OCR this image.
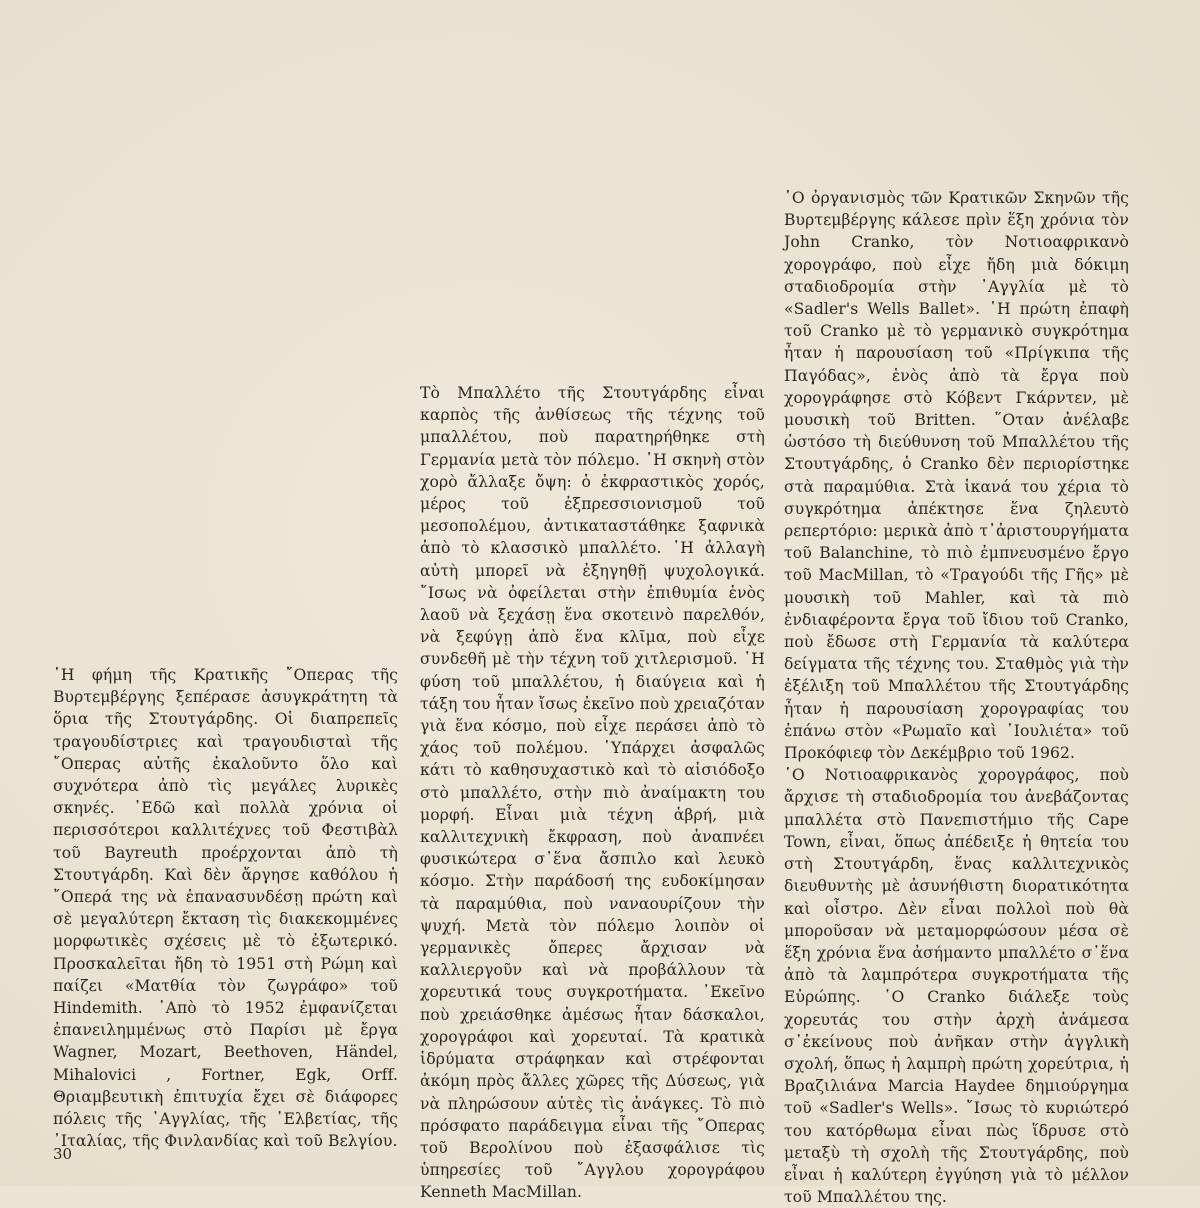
῾Η φήμη τῆς Κρατικῆς ῎Οπερας τῆς Βυρτεμβέργης ξεπέρασε ἀσυγκράτητη τὰ ὅρια τῆς Στουτγάρδης. Οἱ διαπρεπεῖς τραγουδίστριες καὶ τραγουδισταὶ τῆς ῎Οπερας αὐτῆς ἐκαλοῦντο ὅλο καὶ συχνότερα ἀπὸ τὶς μεγάλες λυρικὲς σκηνές. ᾿Εδῶ καὶ πολλὰ χρόνια οἱ περισσότεροι καλλιτέχνες τοῦ Φεστιβὰλ τοῦ Bayreuth προέρχονται ἀπὸ τὴ Στουτγάρδη. Καὶ δὲν ἄργησε καθόλου ἡ ῎Οπερά της νὰ ἐπανασυνδέσῃ πρώτη καὶ σὲ μεγαλύτερη ἔκταση τὶς διακεκομμένες μορφωτικὲς σχέσεις μὲ τὸ ἐξωτερικό. Προσκαλεῖται ἤδη τὸ 1951 στὴ Ρώμη καὶ παίζει «Ματθία τὸν ζωγράφο» τοῦ Hindemith. ᾿Απὸ τὸ 1952 ἐμφανίζεται ἐπανειλημμένως στὸ Παρίσι μὲ ἔργα Wagner, Mozart, Beethoven, Händel, Mihalovici , Fortner, Egk, Orff. Θριαμβευτικὴ ἐπιτυχία ἔχει σὲ διάφορες πόλεις τῆς ᾿Αγγλίας, τῆς ᾿Ελβετίας, τῆς ᾿Ιταλίας, τῆς Φινλανδίας καὶ τοῦ Βελγίου.

Τὸ Μπαλλέτο τῆς Στουτγάρδης εἶναι καρπὸς τῆς ἀνθίσεως τῆς τέχνης τοῦ μπαλλέτου, ποὺ παρατηρήθηκε στὴ Γερμανία μετὰ τὸν πόλεμο. ῾Η σκηνὴ στὸν χορὸ ἄλλαξε ὄψη: ὁ ἐκφραστικὸς χορός, μέρος τοῦ ἐξπρεσσιονισμοῦ τοῦ μεσοπολέμου, ἀντικαταστάθηκε ξαφνικὰ ἀπὸ τὸ κλασσικὸ μπαλλέτο. ῾Η ἀλλαγὴ αὐτὴ μπορεῖ νὰ ἐξηγηθῇ ψυχολογικά. ῎Ισως νὰ ὀφείλεται στὴν ἐπιθυμία ἑνὸς λαοῦ νὰ ξεχάσῃ ἕνα σκοτεινὸ παρελθόν, νὰ ξεφύγῃ ἀπὸ ἕνα κλῖμα, ποὺ εἶχε συνδεθῆ μὲ τὴν τέχνη τοῦ χιτλερισμοῦ. ῾Η φύση τοῦ μπαλλέτου, ἡ διαύγεια καὶ ἡ τάξη του ἦταν ἴσως ἐκεῖνο ποὺ χρειαζόταν γιὰ ἕνα κόσμο, ποὺ εἶχε περάσει ἀπὸ τὸ χάος τοῦ πολέμου. ῾Υπάρχει ἀσφαλῶς κάτι τὸ καθησυχαστικὸ καὶ τὸ αἰσιόδοξο στὸ μπαλλέτο, στὴν πιὸ ἀναίμακτη του μορφή. Εἶναι μιὰ τέχνη ἁβρή, μιὰ καλλιτεχνικὴ ἔκφραση, ποὺ ἀναπνέει φυσικώτερα σ᾿ἕνα ἄσπιλο καὶ λευκὸ κόσμο. Στὴν παράδοσή της ευδοκίμησαν τὰ παραμύθια, ποὺ ναναουρίζουν τὴν ψυχή. Μετὰ τὸν πόλεμο λοιπὸν οἱ γερμανικὲς ὄπερες ἄρχισαν νὰ καλλιεργοῦν καὶ νὰ προβάλλουν τὰ χορευτικά τους συγκροτήματα. ᾿Εκεῖνο ποὺ χρειάσθηκε ἀμέσως ἦταν δάσκαλοι, χορογράφοι καὶ χορευταί. Τὰ κρατικὰ ἱδρύματα στράφηκαν καὶ στρέφονται ἀκόμη πρὸς ἄλλες χῶρες τῆς Δύσεως, γιὰ νὰ πληρώσουν αὐτὲς τὶς ἀνάγκες. Τὸ πιὸ πρόσφατο παράδειγμα εἶναι τῆς ῎Οπερας τοῦ Βερολίνου ποὺ ἐξασφάλισε τὶς ὑπηρεσίες τοῦ ῎Αγγλου χορογράφου Kenneth MacMillan.

῾Ο ὀργανισμὸς τῶν Κρατικῶν Σκηνῶν τῆς Βυρτεμβέργης κάλεσε πρὶν ἕξη χρόνια τὸν John Cranko, τὸν Νοτιοαφρικανὸ χορογράφο, ποὺ εἶχε ἤδη μιὰ δόκιμη σταδιοδρομία στὴν ᾿Αγγλία μὲ τὸ «Sadler's Wells Ballet». ῾Η πρώτη ἐπαφὴ τοῦ Cranko μὲ τὸ γερμανικὸ συγκρότημα ἦταν ἡ παρουσίαση τοῦ «Πρίγκιπα τῆς Παγόδας», ἑνὸς ἀπὸ τὰ ἔργα ποὺ χορογράφησε στὸ Κόβεντ Γκάρντεν, μὲ μουσικὴ τοῦ Britten. ῞Οταν ἀνέλαβε ὡστόσο τὴ διεύθυνση τοῦ Μπαλλέτου τῆς Στουτγάρδης, ὁ Cranko δὲν περιορίστηκε στὰ παραμύθια. Στὰ ἱκανά του χέρια τὸ συγκρότημα ἀπέκτησε ἕνα ζηλευτὸ ρεπερτόριο: μερικὰ ἀπὸ τ᾿ἀριστουργήματα τοῦ Balanchine, τὸ πιὸ ἐμπνευσμένο ἔργο τοῦ MacMillan, τὸ «Τραγούδι τῆς Γῆς» μὲ μουσικὴ τοῦ Mahler, καὶ τὰ πιὸ ἐνδιαφέροντα ἔργα τοῦ ἴδιου τοῦ Cranko, ποὺ ἔδωσε στὴ Γερμανία τὰ καλύτερα δείγματα τῆς τέχνης του. Σταθμὸς γιὰ τὴν ἐξέλιξη τοῦ Μπαλλέτου τῆς Στουτγάρδης ἦταν ἡ παρουσίαση χορογραφίας του ἐπάνω στὸν «Ρωμαῖο καὶ ᾿Ιουλιέτα» τοῦ Προκόφιεφ τὸν Δεκέμβριο τοῦ 1962.

῾Ο Νοτιοαφρικανὸς χορογράφος, ποὺ ἄρχισε τὴ σταδιοδρομία του ἀνεβάζοντας μπαλλέτα στὸ Πανεπιστήμιο τῆς Cape Town, εἶναι, ὅπως ἀπέδειξε ἡ θητεία του στὴ Στουτγάρδη, ἕνας καλλιτεχνικὸς διευθυντὴς μὲ ἀσυνήθιστη διορατικότητα καὶ οἶστρο. Δὲν εἶναι πολλοὶ ποὺ θὰ μποροῦσαν νὰ μεταμορφώσουν μέσα σὲ ἕξη χρόνια ἕνα ἀσήμαντο μπαλλέτο σ᾿ἕνα ἀπὸ τὰ λαμπρότερα συγκροτήματα τῆς Εὐρώπης. ῾Ο Cranko διάλεξε τοὺς χορευτάς του στὴν ἀρχὴ ἀνάμεσα σ᾿ἐκείνους ποὺ ἀνῆκαν στὴν ἀγγλικὴ σχολή, ὅπως ἡ λαμπρὴ πρώτη χορεύτρια, ἡ Βραζιλιάνα Marcia Haydee δημιούργημα τοῦ «Sadler's Wells». ῎Ισως τὸ κυριώτερό του κατόρθωμα εἶναι πὼς ἵδρυσε στὸ μεταξὺ τὴ σχολὴ τῆς Στουτγάρδης, ποὺ εἶναι ἡ καλύτερη ἐγγύηση γιὰ τὸ μέλλον τοῦ Μπαλλέτου της.

30
